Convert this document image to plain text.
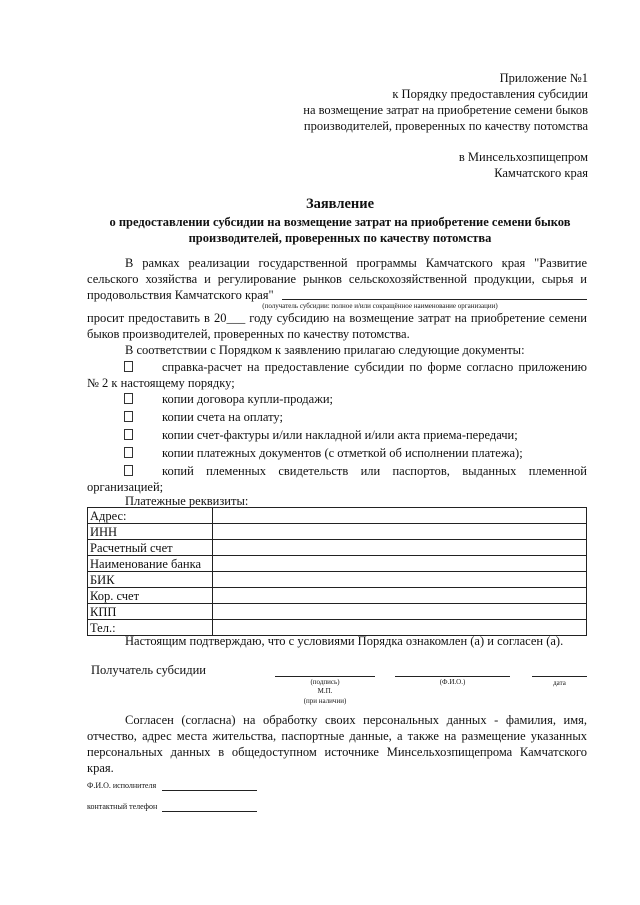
Приложение №1
к Порядку предоставления субсидии
на возмещение затрат на приобретение семени быков
производителей, проверенных по качеству потомства
в Минсельхозпищепром
Камчатского края
Заявление
о предоставлении субсидии на возмещение затрат на приобретение семени быков
производителей, проверенных по качеству потомства
В рамках реализации государственной программы Камчатского края "Развитие
сельского хозяйства и регулирование рынков сельскохозяйственной продукции, сырья и
продовольствия Камчатского края"
(получатель субсидии: полное и/или сокращённое наименование организации)
просит предоставить в 20___ году субсидию на возмещение затрат на приобретение семени
быков производителей, проверенных по качеству потомства.
В соответствии с Порядком к заявлению прилагаю следующие документы:
справка-расчет на предоставление субсидии по форме согласно приложению
№ 2 к настоящему порядку;
копии договора купли-продажи;
копии счета на оплату;
копии счет-фактуры и/или накладной и/или акта приема-передачи;
копии платежных документов (с отметкой об исполнении платежа);
копий племенных свидетельств или паспортов, выданных племенной
организацией;
Платежные реквизиты:
Адрес:	
ИНН	
Расчетный счет	
Наименование банка	
БИК	
Кор. счет	
КПП	
Тел.:	
Настоящим подтверждаю, что с условиями Порядка ознакомлен (а) и согласен (а).
Получатель субсидии
(подпись)	(Ф.И.О.)	дата
М.П.
(при наличии)
Согласен (согласна) на обработку своих персональных данных - фамилия, имя,
отчество, адрес места жительства, паспортные данные, а также на размещение указанных
персональных данных в общедоступном источнике Минсельхозпищепрома Камчатского
края.
Ф.И.О. исполнителя
контактный телефон
